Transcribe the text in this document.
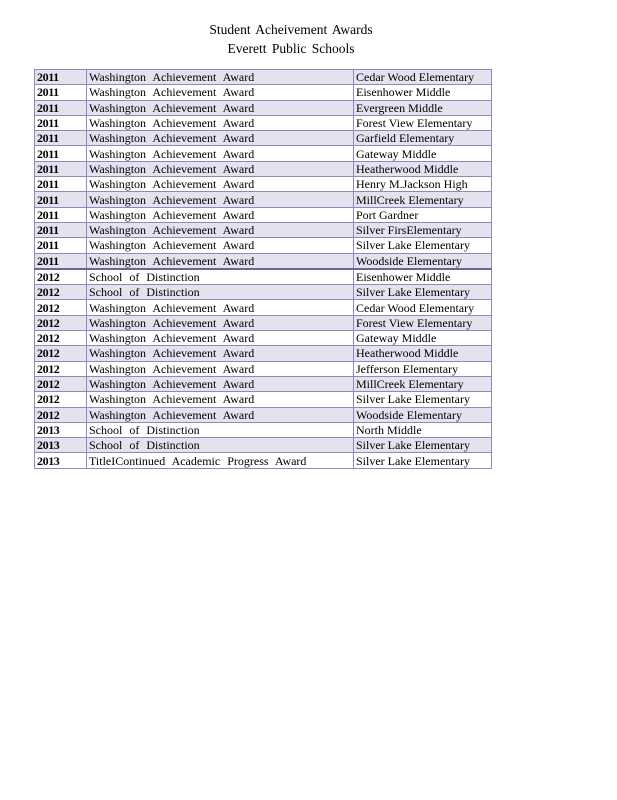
Student Acheivement Awards
Everett Public Schools
2011	Washington Achievement Award	Cedar Wood Elementary
2011	Washington Achievement Award	Eisenhower Middle
2011	Washington Achievement Award	Evergreen Middle
2011	Washington Achievement Award	Forest View Elementary
2011	Washington Achievement Award	Garfield Elementary
2011	Washington Achievement Award	Gateway Middle
2011	Washington Achievement Award	Heatherwood Middle
2011	Washington Achievement Award	Henry M.Jackson High
2011	Washington Achievement Award	MillCreek Elementary
2011	Washington Achievement Award	Port Gardner
2011	Washington Achievement Award	Silver FirsElementary
2011	Washington Achievement Award	Silver Lake Elementary
2011	Washington Achievement Award	Woodside Elementary
2012	School of Distinction	Eisenhower Middle
2012	School of Distinction	Silver Lake Elementary
2012	Washington Achievement Award	Cedar Wood Elementary
2012	Washington Achievement Award	Forest View Elementary
2012	Washington Achievement Award	Gateway Middle
2012	Washington Achievement Award	Heatherwood Middle
2012	Washington Achievement Award	Jefferson Elementary
2012	Washington Achievement Award	MillCreek Elementary
2012	Washington Achievement Award	Silver Lake Elementary
2012	Washington Achievement Award	Woodside Elementary
2013	School of Distinction	North Middle
2013	School of Distinction	Silver Lake Elementary
2013	TitleIContinued Academic Progress Award	Silver Lake Elementary
